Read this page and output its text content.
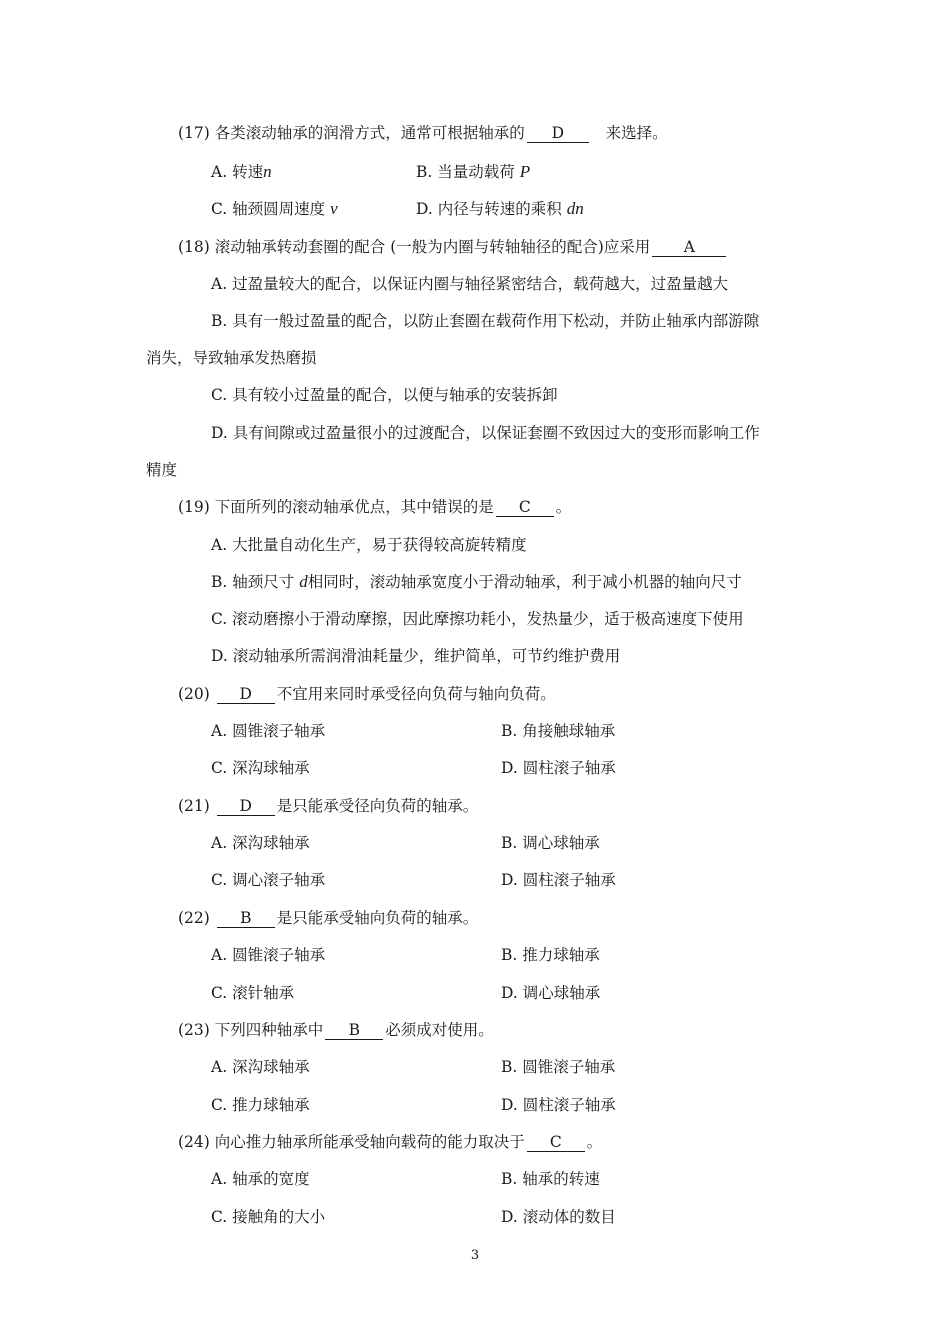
(17) 各类滚动轴承的润滑方式，通常可根据轴承的 D	来选择。
A. 转速n	B. 当量动载荷 P
C. 轴颈圆周速度 v	D. 内径与转速的乘积 dn
(18) 滚动轴承转动套圈的配合 (一般为内圈与转轴轴径的配合)应采用 A
A. 过盈量较大的配合，以保证内圈与轴径紧密结合，载荷越大，过盈量越大
B. 具有一般过盈量的配合，以防止套圈在载荷作用下松动，并防止轴承内部游隙
消失，导致轴承发热磨损
C. 具有较小过盈量的配合，以便与轴承的安装拆卸
D. 具有间隙或过盈量很小的过渡配合，以保证套圈不致因过大的变形而影响工作
精度
(19) 下面所列的滚动轴承优点，其中错误的是 C 。
A. 大批量自动化生产，易于获得较高旋转精度
B. 轴颈尺寸 d相同时，滚动轴承宽度小于滑动轴承，利于减小机器的轴向尺寸
C. 滚动磨擦小于滑动摩擦，因此摩擦功耗小，发热量少，适于极高速度下使用
D. 滚动轴承所需润滑油耗量少，维护简单，可节约维护费用
(20) D 不宜用来同时承受径向负荷与轴向负荷。
A. 圆锥滚子轴承	B. 角接触球轴承
C. 深沟球轴承	D. 圆柱滚子轴承
(21) D 是只能承受径向负荷的轴承。
A. 深沟球轴承	B. 调心球轴承
C. 调心滚子轴承	D. 圆柱滚子轴承
(22) B 是只能承受轴向负荷的轴承。
A. 圆锥滚子轴承	B. 推力球轴承
C. 滚针轴承	D. 调心球轴承
(23) 下列四种轴承中 B 必须成对使用。
A. 深沟球轴承	B. 圆锥滚子轴承
C. 推力球轴承	D. 圆柱滚子轴承
(24) 向心推力轴承所能承受轴向载荷的能力取决于 C 。
A. 轴承的宽度	B. 轴承的转速
C. 接触角的大小	D. 滚动体的数目
3
